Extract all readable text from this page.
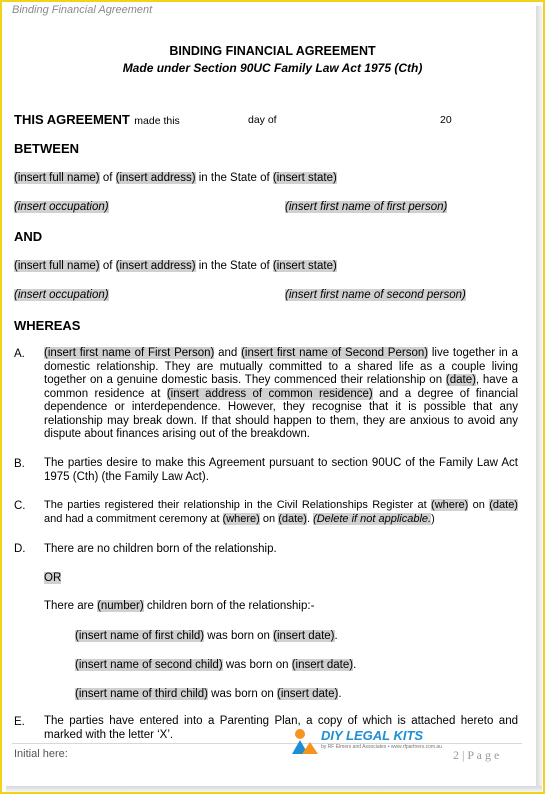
Binding Financial Agreement
BINDING FINANCIAL AGREEMENT
Made under Section 90UC Family Law Act 1975 (Cth)
THIS AGREEMENT made this	day of	20
BETWEEN
(insert full name) of (insert address) in the State of (insert state)
(insert occupation)	(insert first name of first person)
AND
(insert full name) of (insert address) in the State of (insert state)
(insert occupation)	(insert first name of second person)
WHEREAS
A. (insert first name of First Person) and (insert first name of Second Person) live together in a domestic relationship. They are mutually committed to a shared life as a couple living together on a genuine domestic basis. They commenced their relationship on (date), have a common residence at (insert address of common residence) and a degree of financial dependence or interdependence. However, they recognise that it is possible that any relationship may break down. If that should happen to them, they are anxious to avoid any dispute about finances arising out of the breakdown.
B. The parties desire to make this Agreement pursuant to section 90UC of the Family Law Act 1975 (Cth) (the Family Law Act).
C. The parties registered their relationship in the Civil Relationships Register at (where) on (date) and had a commitment ceremony at (where) on (date). (Delete if not applicable.)
D. There are no children born of the relationship.
OR
There are (number) children born of the relationship:-
(insert name of first child) was born on (insert date).
(insert name of second child) was born on (insert date).
(insert name of third child) was born on (insert date).
E. The parties have entered into a Parenting Plan, a copy of which is attached hereto and marked with the letter ‘X’.
Initial here:	2 | P a g e
DIY LEGAL KITS
by RF Elmers and Associates • www.rfpartners.com.au
